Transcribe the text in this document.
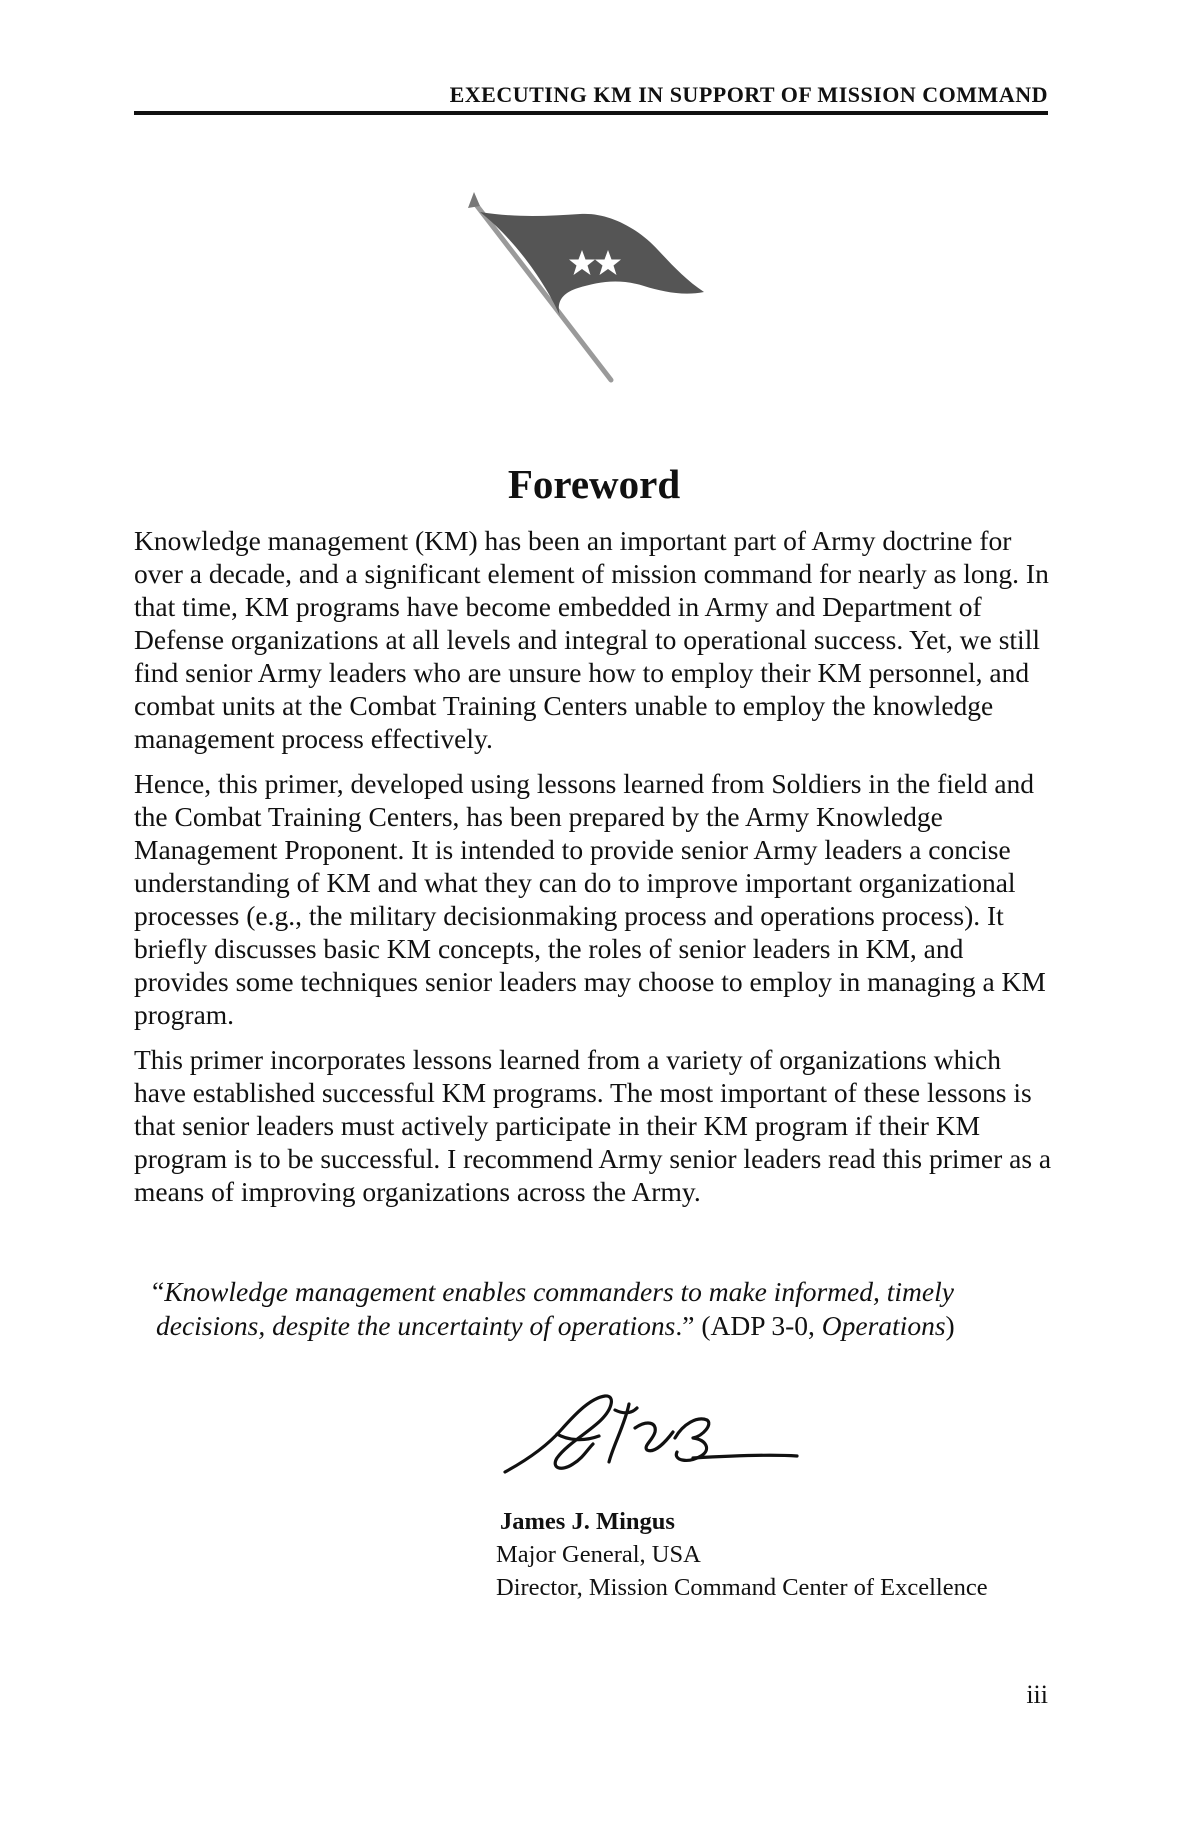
EXECUTING KM IN SUPPORT OF MISSION COMMAND
Foreword

Knowledge management (KM) has been an important part of Army doctrine for over a decade, and a significant element of mission command for nearly as long. In that time, KM programs have become embedded in Army and Department of Defense organizations at all levels and integral to operational success. Yet, we still find senior Army leaders who are unsure how to employ their KM personnel, and combat units at the Combat Training Centers unable to employ the knowledge management process effectively.

Hence, this primer, developed using lessons learned from Soldiers in the field and the Combat Training Centers, has been prepared by the Army Knowledge Management Proponent. It is intended to provide senior Army leaders a concise understanding of KM and what they can do to improve important organizational processes (e.g., the military decisionmaking process and operations process). It briefly discusses basic KM concepts, the roles of senior leaders in KM, and provides some techniques senior leaders may choose to employ in managing a KM program.

This primer incorporates lessons learned from a variety of organizations which have established successful KM programs. The most important of these lessons is that senior leaders must actively participate in their KM program if their KM program is to be successful. I recommend Army senior leaders read this primer as a means of improving organizations across the Army.

“Knowledge management enables commanders to make informed, timely
decisions, despite the uncertainty of operations.” (ADP 3-0, Operations)
James J. Mingus
Major General, USA
Director, Mission Command Center of Excellence
iii
